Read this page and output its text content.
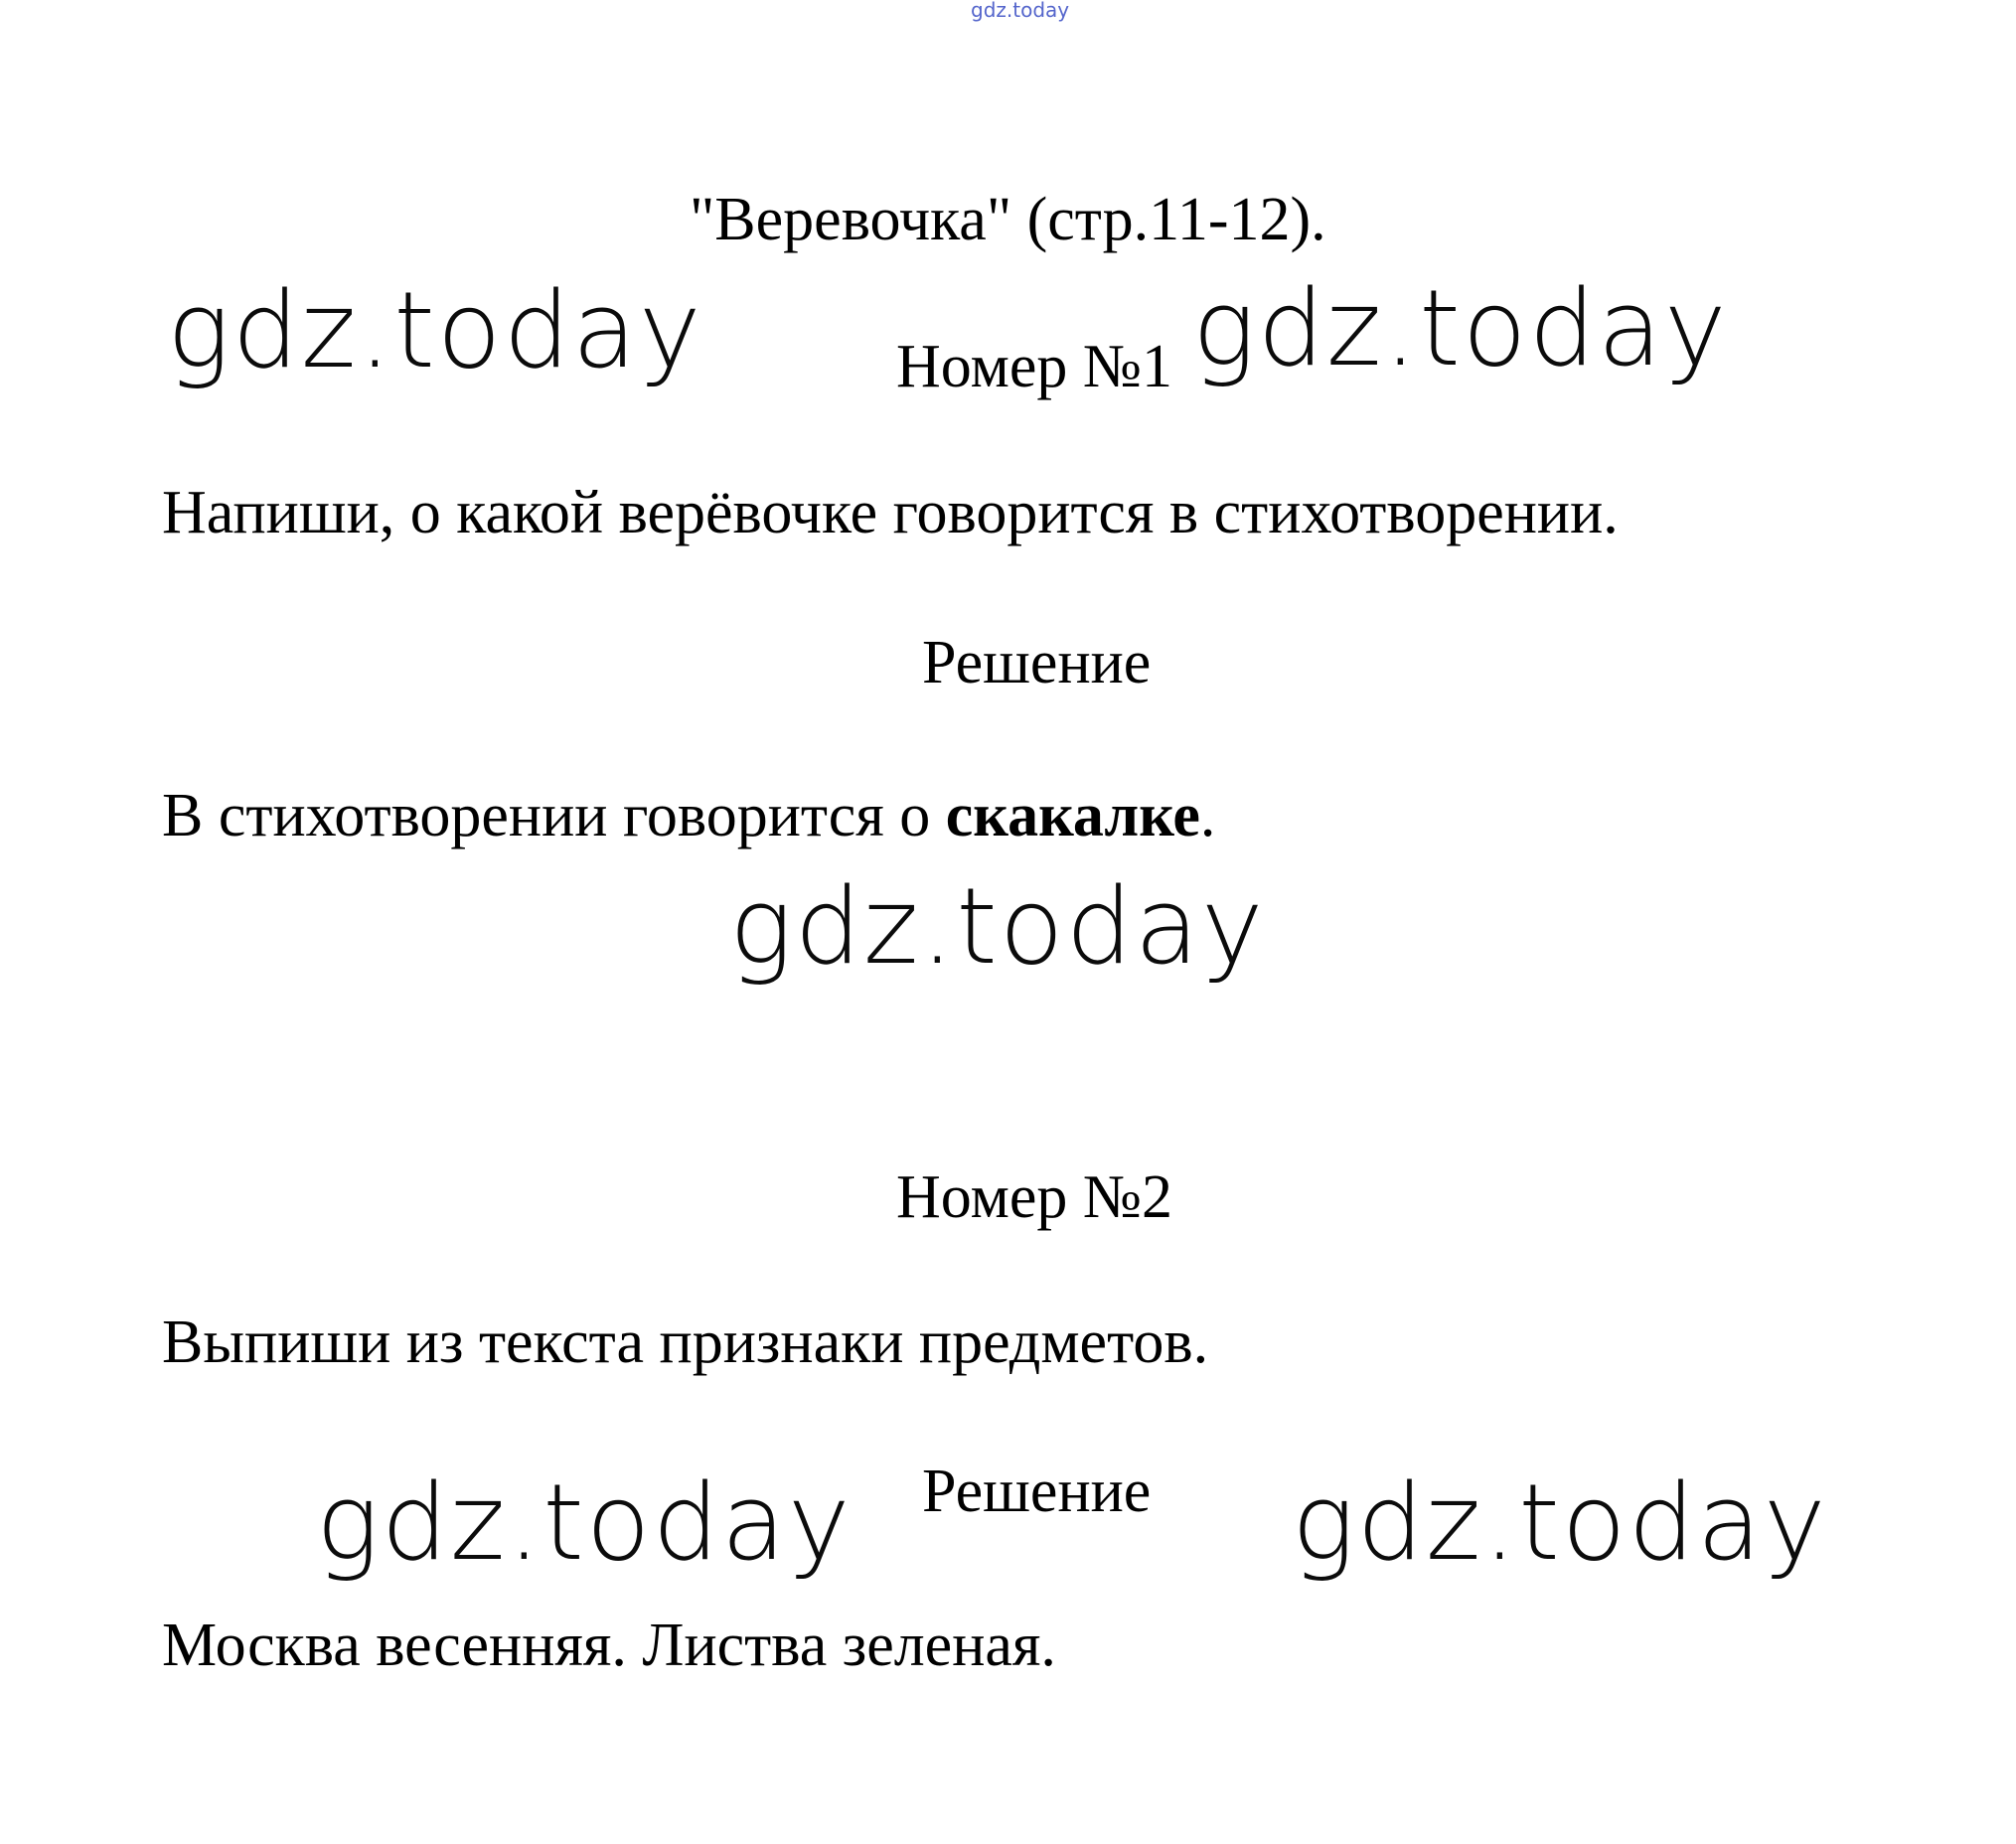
gdz.today
"Веревочка" (стр.11-12).
gdz.today	Номер №1 gdz.today
Напиши, о какой верёвочке говорится в стихотворении.
Решение
В стихотворении говорится о скакалке.
gdz.today
Номер №2
Выпиши из текста признаки предметов.
gdz.today Решение gdz.today
Москва весенняя. Листва зеленая.
